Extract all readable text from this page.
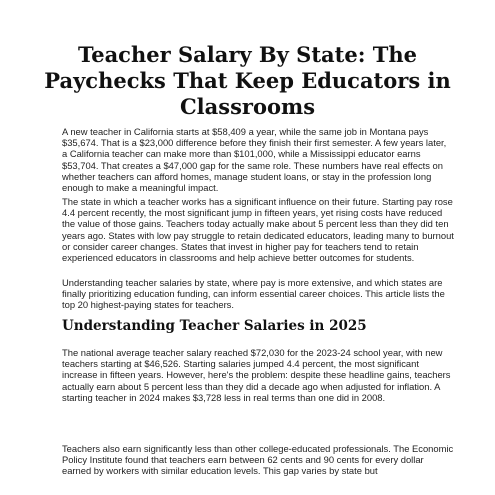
Teacher Salary By State: The Paychecks That Keep Educators in Classrooms

A new teacher in California starts at $58,409 a year, while the same job in Montana pays $35,674. That is a $23,000 difference before they finish their first semester. A few years later, a California teacher can make more than $101,000, while a Mississippi educator earns $53,704. That creates a $47,000 gap for the same role. These numbers have real effects on whether teachers can afford homes, manage student loans, or stay in the profession long enough to make a meaningful impact.

The state in which a teacher works has a significant influence on their future. Starting pay rose 4.4 percent recently, the most significant jump in fifteen years, yet rising costs have reduced the value of those gains. Teachers today actually make about 5 percent less than they did ten years ago. States with low pay struggle to retain dedicated educators, leading many to burnout or consider career changes. States that invest in higher pay for teachers tend to retain experienced educators in classrooms and help achieve better outcomes for students.

Understanding teacher salaries by state, where pay is more extensive, and which states are finally prioritizing education funding, can inform essential career choices. This article lists the top 20 highest-paying states for teachers.

Understanding Teacher Salaries in 2025

The national average teacher salary reached $72,030 for the 2023-24 school year, with new teachers starting at $46,526. Starting salaries jumped 4.4 percent, the most significant increase in fifteen years. However, here's the problem: despite these headline gains, teachers actually earn about 5 percent less than they did a decade ago when adjusted for inflation. A starting teacher in 2024 makes $3,728 less in real terms than one did in 2008.

Teachers also earn significantly less than other college-educated professionals. The Economic Policy Institute found that teachers earn between 62 cents and 90 cents for every dollar earned by workers with similar education levels. This gap varies by state but
